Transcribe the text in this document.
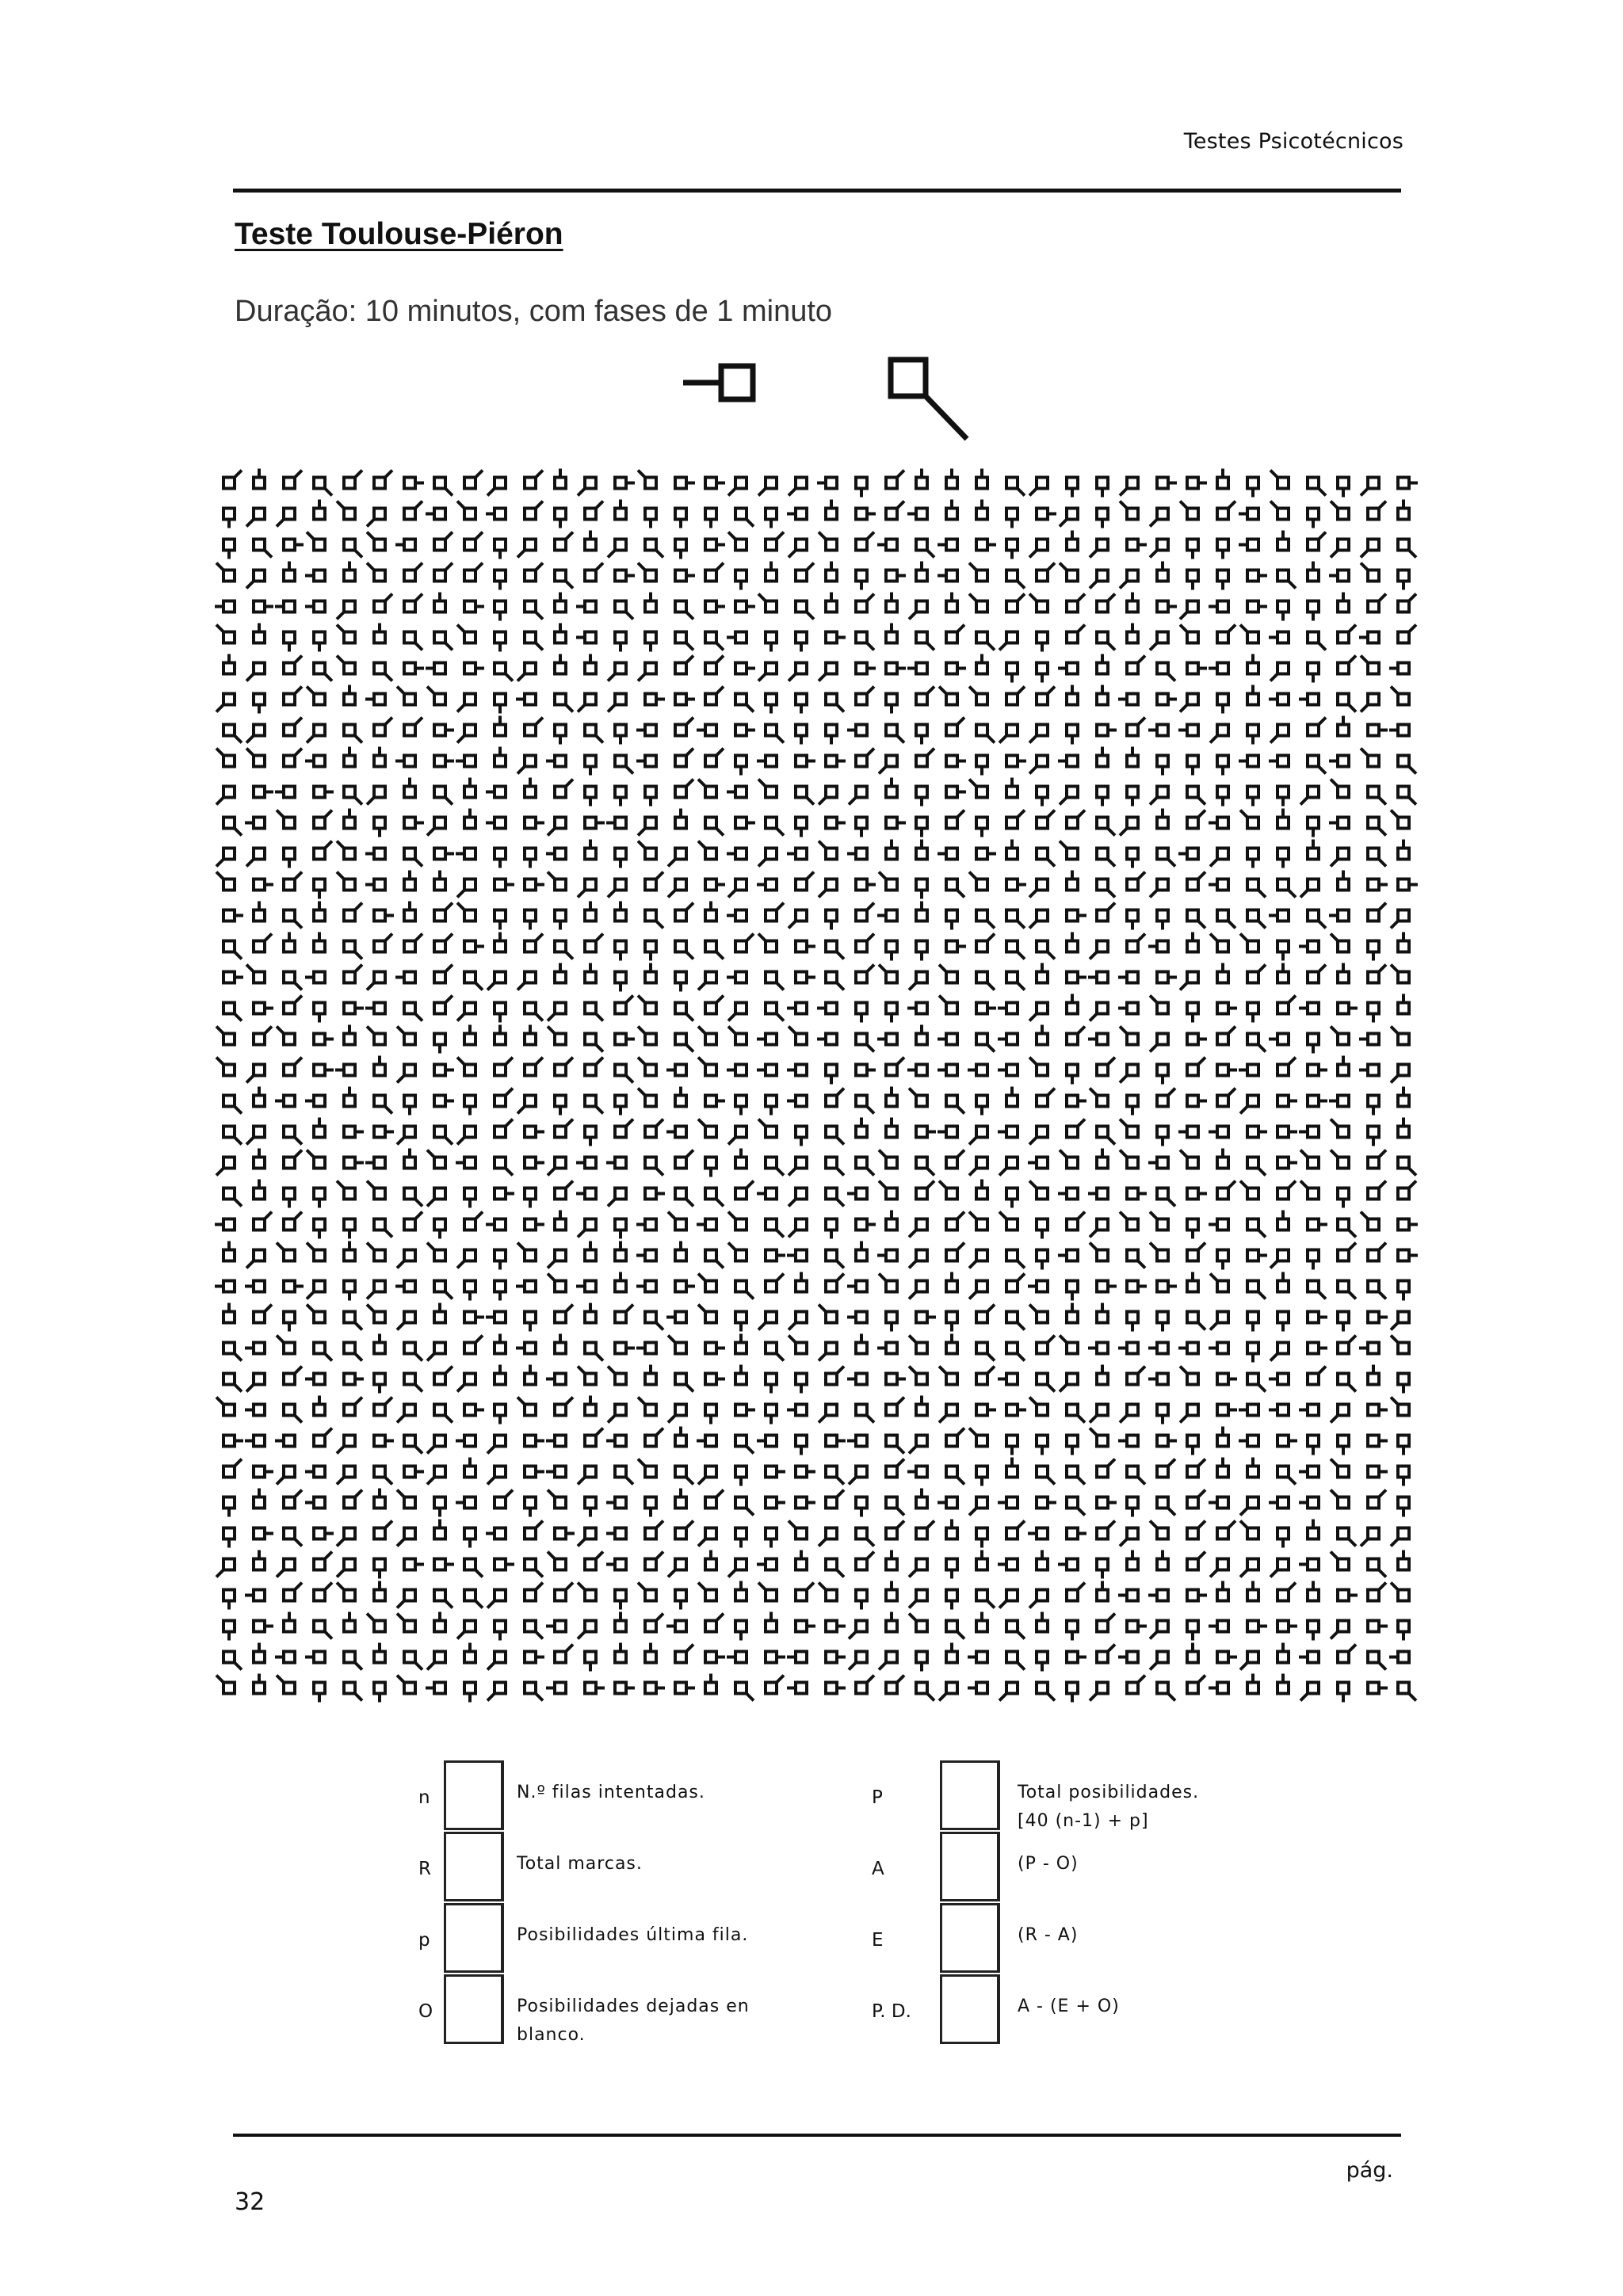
Testes Psicotécnicos
Teste Toulouse-Piéron
Duração: 10 minutos, com fases de 1 minuto
n	N.º filas intentadas.
R	Total marcas.
p	Posibilidades última fila.
O	Posibilidades dejadas en
blanco.
P	Total posibilidades.
[40 (n-1) + p]
A	(P - O)
E	(R - A)
P. D.	A - (E + O)
pág.
32
